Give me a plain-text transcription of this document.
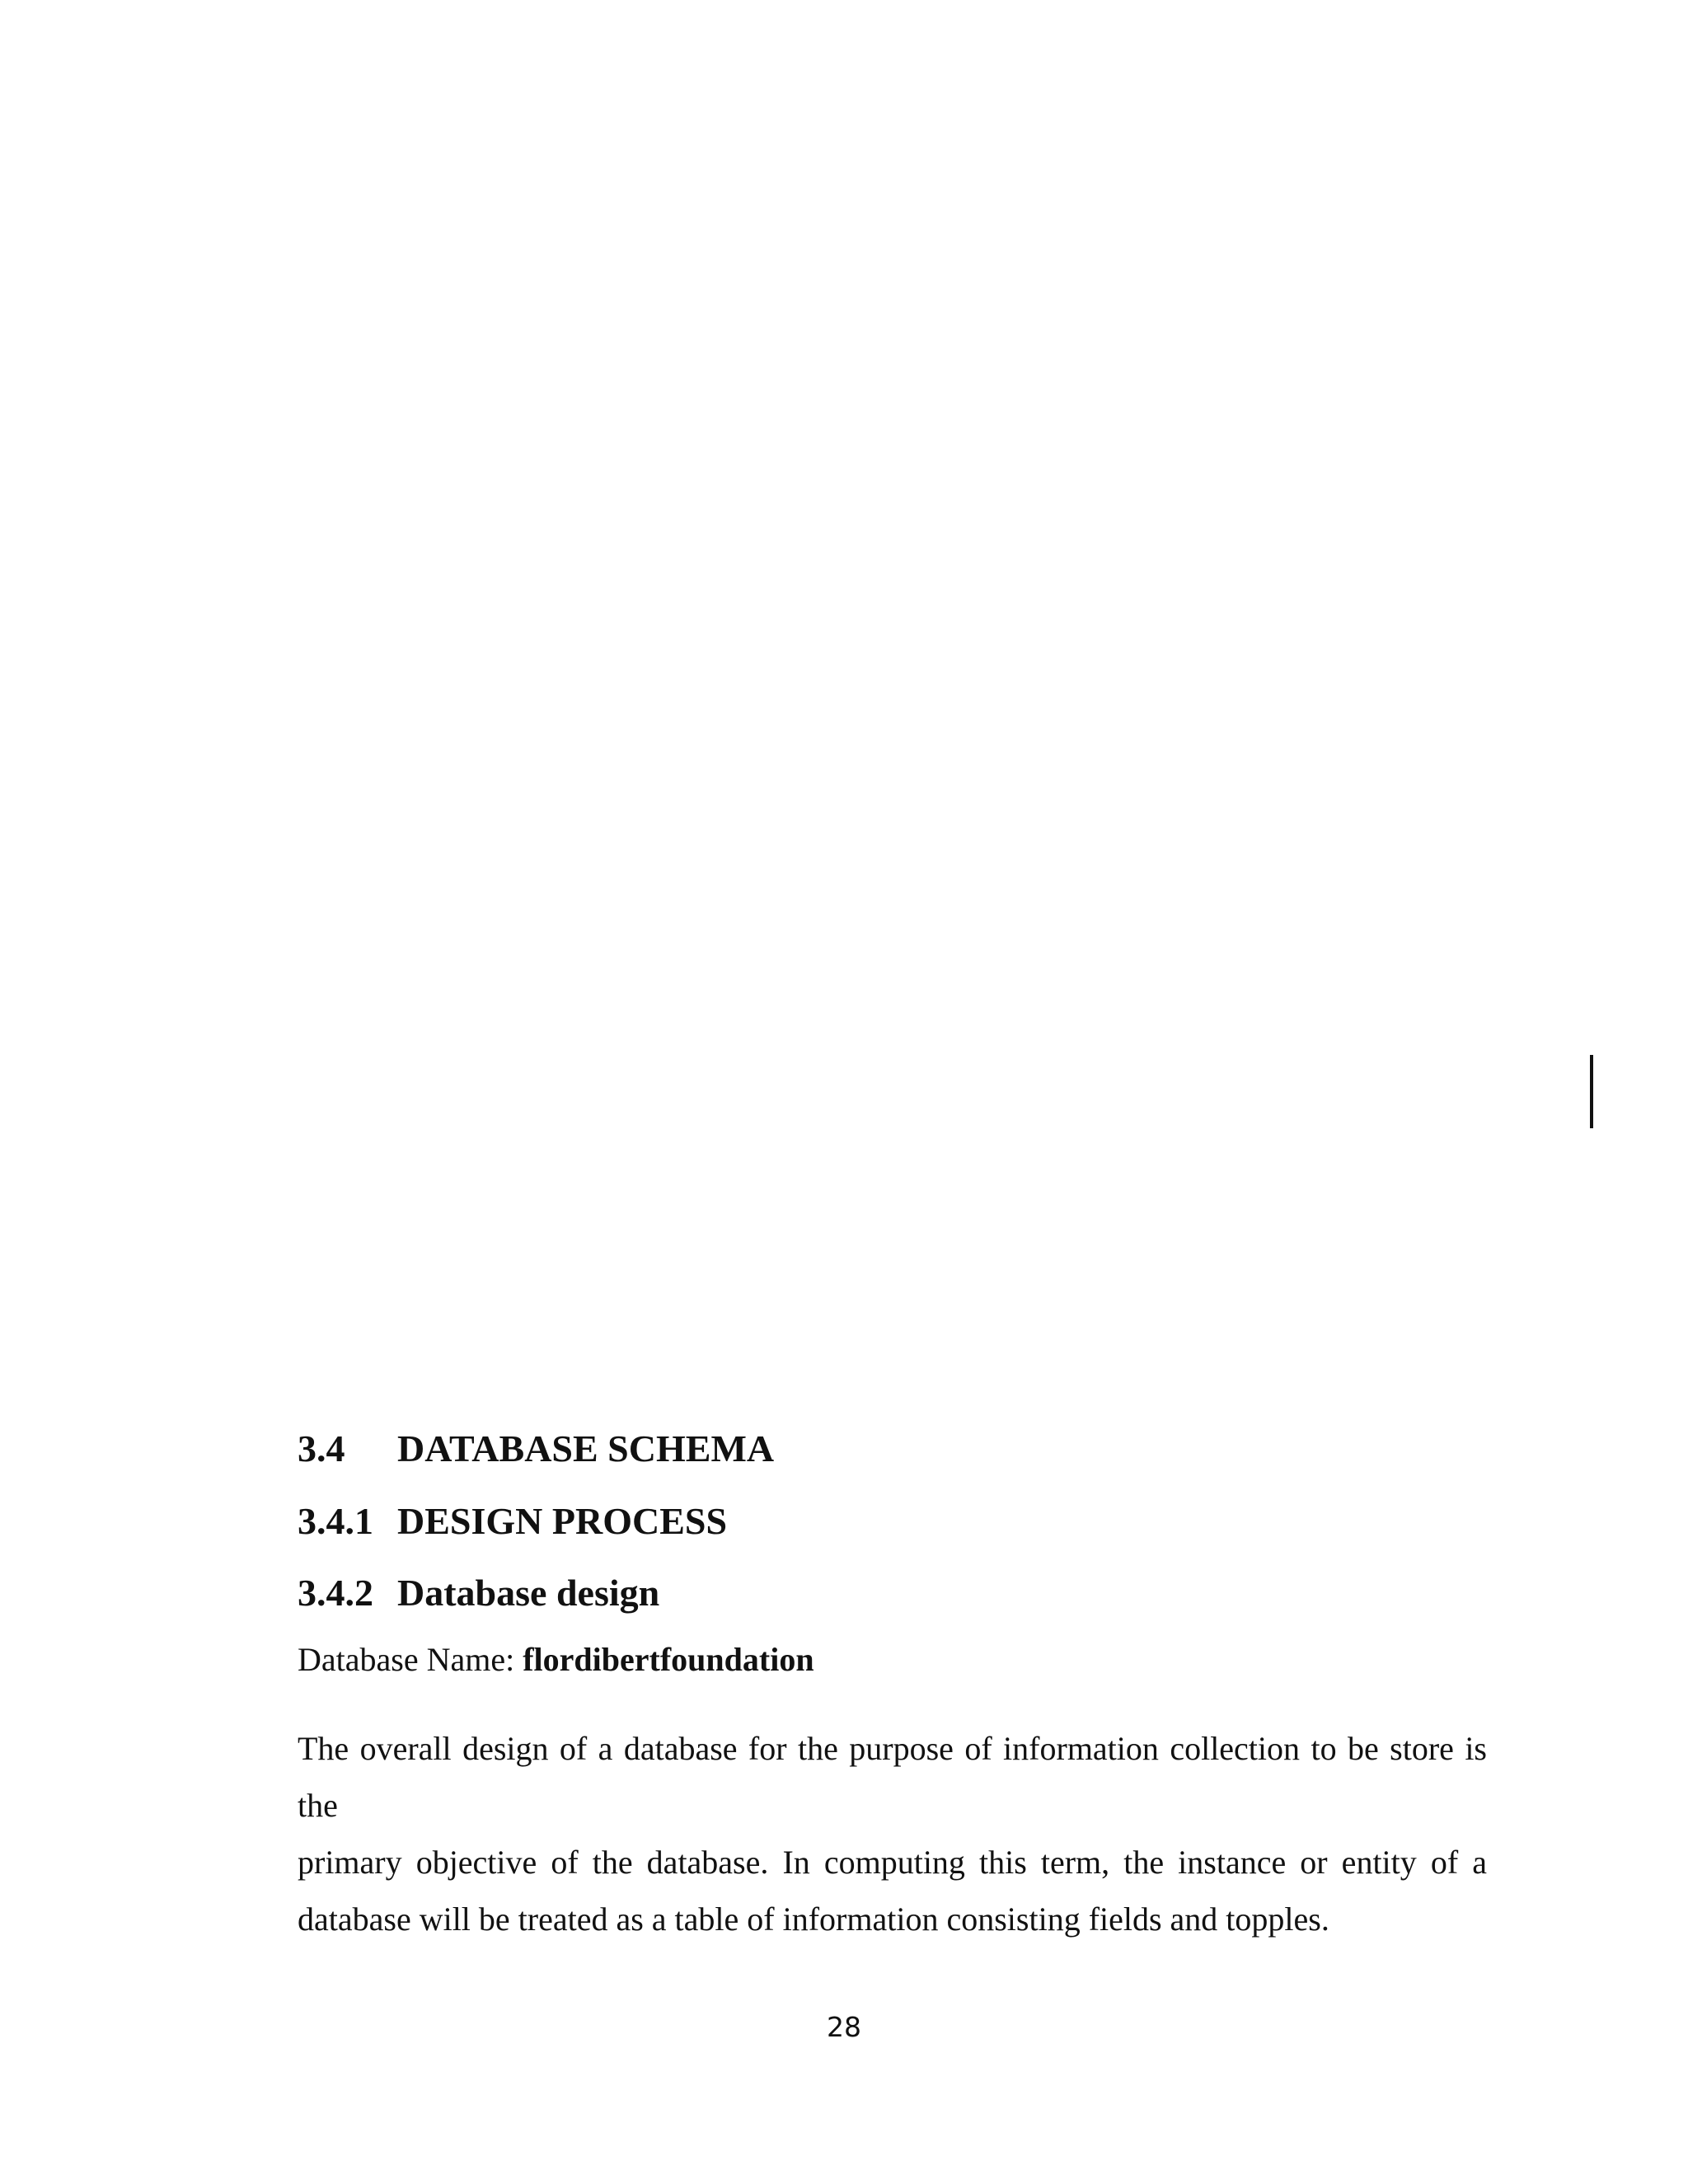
3.4	DATABASE SCHEMA
3.4.1 DESIGN PROCESS
3.4.2 Database design
Database Name: flordibertfoundation
The overall design of a database for the purpose of information collection to be store is the
primary objective of the database. In computing this term, the instance or entity of a
database will be treated as a table of information consisting fields and topples.
28
